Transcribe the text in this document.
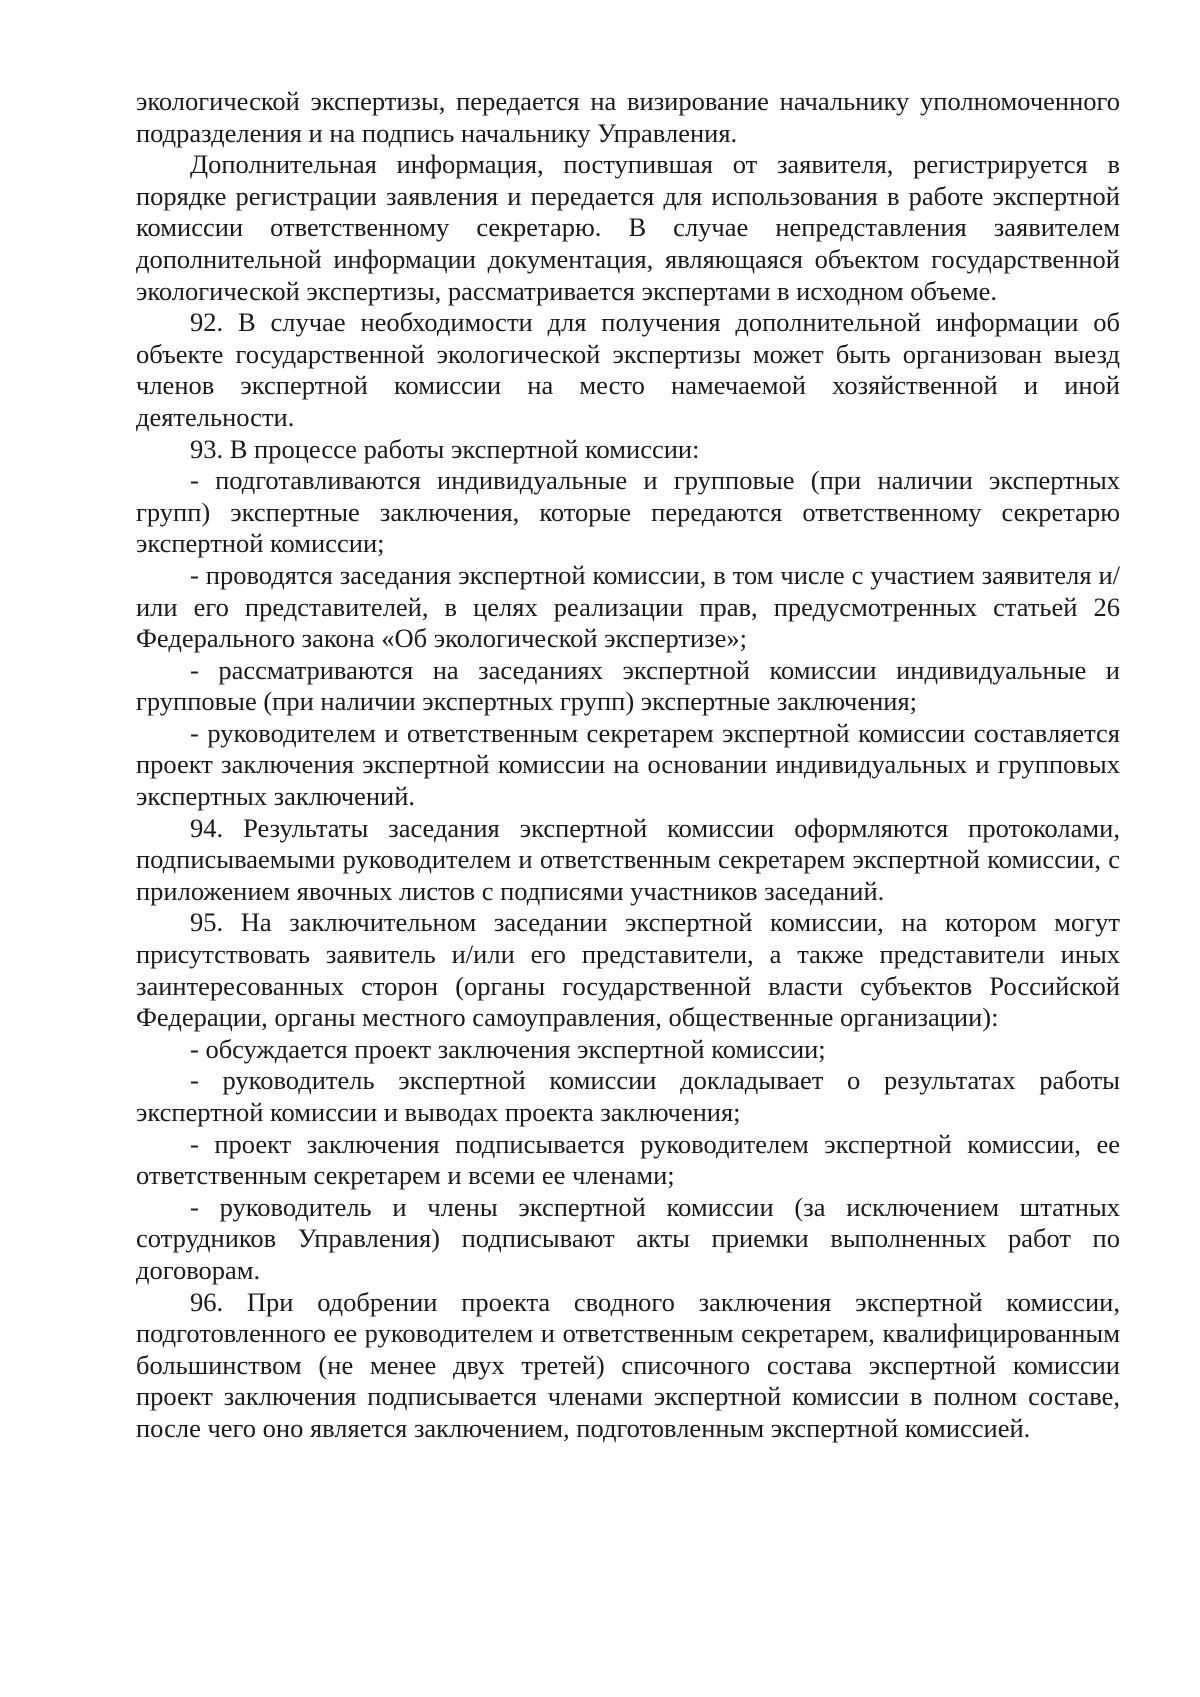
экологической экспертизы, передается на визирование начальнику уполномоченного подразделения и на подпись начальнику Управления.

Дополнительная информация, поступившая от заявителя, регистрируется в порядке регистрации заявления и передается для использования в работе экспертной комиссии ответственному секретарю. В случае непредставления заявителем дополнительной информации документация, являющаяся объектом государственной экологической экспертизы, рассматривается экспертами в исходном объеме.

92. В случае необходимости для получения дополнительной информации об объекте государственной экологической экспертизы может быть организован выезд членов экспертной комиссии на место намечаемой хозяйственной и иной деятельности.

93. В процессе работы экспертной комиссии:

- подготавливаются индивидуальные и групповые (при наличии экспертных групп) экспертные заключения, которые передаются ответственному секретарю экспертной комиссии;

- проводятся заседания экспертной комиссии, в том числе с участием заявителя и/или его представителей, в целях реализации прав, предусмотренных статьей 26 Федерального закона «Об экологической экспертизе»;

- рассматриваются на заседаниях экспертной комиссии индивидуальные и групповые (при наличии экспертных групп) экспертные заключения;

- руководителем и ответственным секретарем экспертной комиссии составляется проект заключения экспертной комиссии на основании индивидуальных и групповых экспертных заключений.

94. Результаты заседания экспертной комиссии оформляются протоколами, подписываемыми руководителем и ответственным секретарем экспертной комиссии, с приложением явочных листов с подписями участников заседаний.

95. На заключительном заседании экспертной комиссии, на котором могут присутствовать заявитель и/или его представители, а также представители иных заинтересованных сторон (органы государственной власти субъектов Российской Федерации, органы местного самоуправления, общественные организации):

- обсуждается проект заключения экспертной комиссии;

- руководитель экспертной комиссии докладывает о результатах работы экспертной комиссии и выводах проекта заключения;

- проект заключения подписывается руководителем экспертной комиссии, ее ответственным секретарем и всеми ее членами;

- руководитель и члены экспертной комиссии (за исключением штатных сотрудников Управления) подписывают акты приемки выполненных работ по договорам.

96. При одобрении проекта сводного заключения экспертной комиссии, подготовленного ее руководителем и ответственным секретарем, квалифицированным большинством (не менее двух третей) списочного состава экспертной комиссии проект заключения подписывается членами экспертной комиссии в полном составе, после чего оно является заключением, подготовленным экспертной комиссией.
